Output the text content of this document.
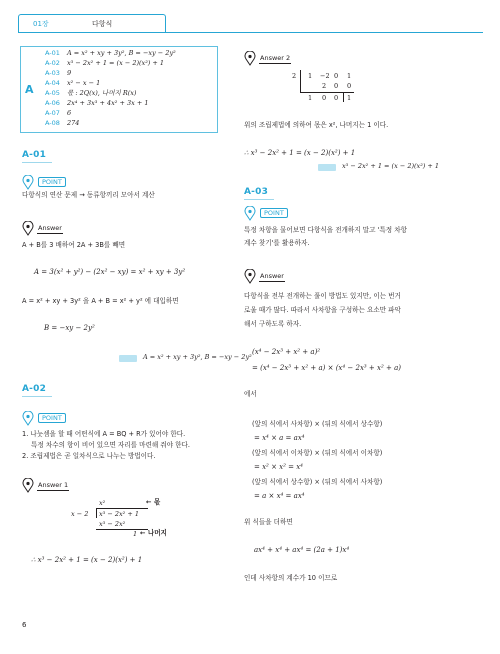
01장	다항식
A
A-01 A = x² + xy + 3y², B = −xy − 2y²
A-02 x³ − 2x² + 1 = (x − 2)(x²) + 1
A-03 9
A-04 x² − x − 1
A-05 몫 : 2Q(x), 나머지 R(x)
A-06 2x⁴ + 3x³ + 4x² + 3x + 1
A-07 6
A-08 274
A-01
POINT
다항식의 연산 문제 → 동류항끼리 모아서 계산
Answer
A + B를 3 배하여 2A + 3B를 빼면
A = 3(x² + y²) − (2x² − xy) = x² + xy + 3y²
A = x² + xy + 3y² 을 A + B = x² + y² 에 대입하면
B = −xy − 2y²
A = x² + xy + 3y², B = −xy − 2y²
A-02
POINT
1. 나눗셈을 할 때 어떤식에 A = BQ + R가 있어야 한다.
특정 차수의 항이 비어 있으면 자리를 마련해 줘야 한다.
2. 조립제법은 곧 일차식으로 나누는 방법이다.
Answer 1
x²	← 몫
x − 2 x³ − 2x² + 1
x³ − 2x²
1 ← 나머지
∴ x³ − 2x² + 1 = (x − 2)(x²) + 1
6
Answer 2
2 1 −2 0 1
2 0 0
1 0 0 1
위의 조립제법에 의하여 몫은 x², 나머지는 1 이다.
∴ x³ − 2x² + 1 = (x − 2)(x²) + 1
x³ − 2x² + 1 = (x − 2)(x²) + 1
A-03
POINT
특정 차항을 물어보면 다항식을 전개하지 말고 '특정 차항
계수 찾기'를 활용하자.
Answer
다항식을 전부 전개하는 풀이 방법도 있지만, 이는 번거
로울 때가 많다. 따라서 사차항을 구성하는 요소만 파악
해서 구하도록 하자.
(x⁴ − 2x³ + x² + a)²
= (x⁴ − 2x³ + x² + a) × (x⁴ − 2x³ + x² + a)
에서
(앞의 식에서 사차항) × (뒤의 식에서 상수항)
= x⁴ × a = ax⁴
(앞의 식에서 이차항) × (뒤의 식에서 이차항)
= x² × x² = x⁴
(앞의 식에서 상수항) × (뒤의 식에서 사차항)
= a × x⁴ = ax⁴
위 식들을 더하면
ax⁴ + x⁴ + ax⁴ = (2a + 1)x⁴
인데 사차항의 계수가 10 이므로
